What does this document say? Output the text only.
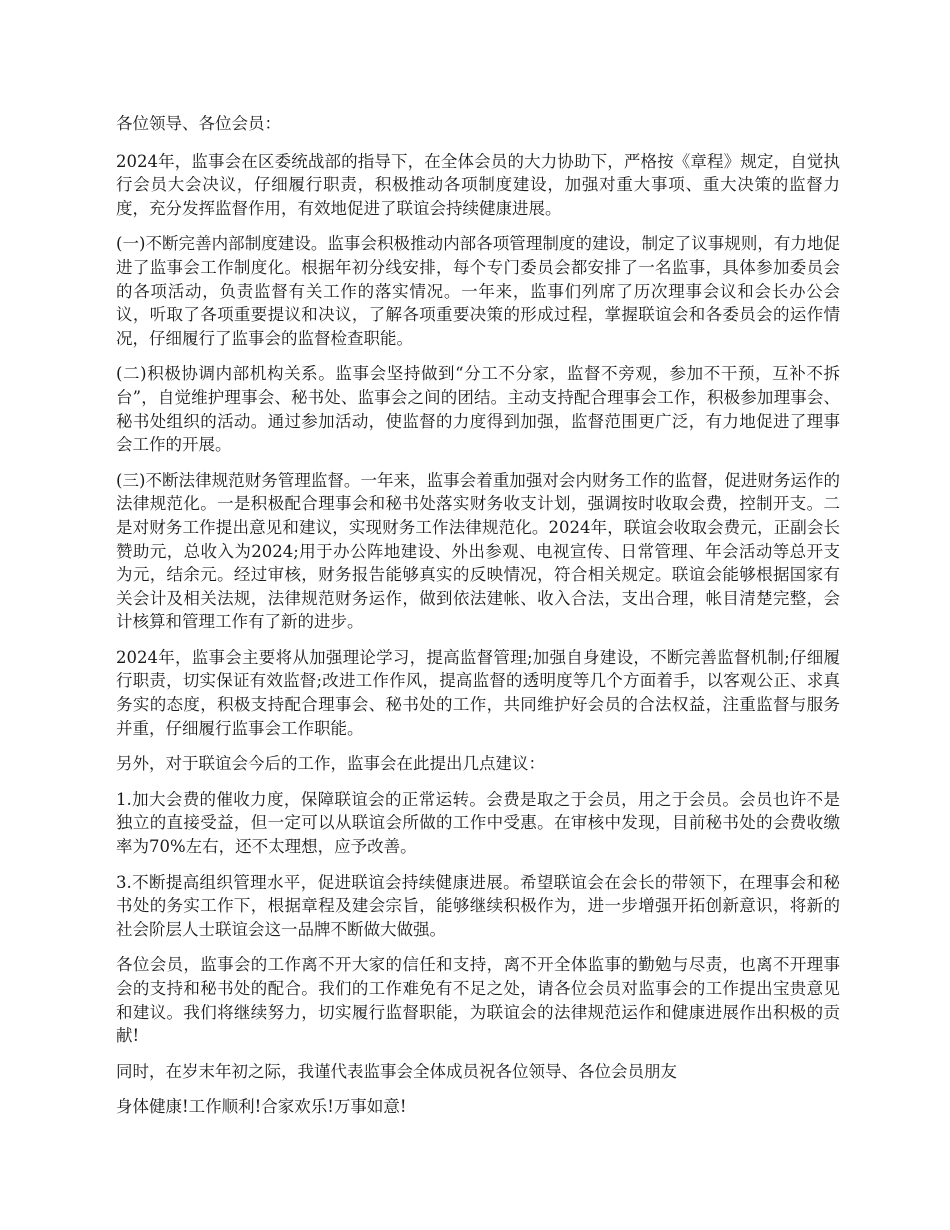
各位领导、各位会员：

2024年，监事会在区委统战部的指导下，在全体会员的大力协助下，严格按《章程》规定，自觉执行会员大会决议，仔细履行职责，积极推动各项制度建设，加强对重大事项、重大决策的监督力度，充分发挥监督作用，有效地促进了联谊会持续健康进展。

(一)不断完善内部制度建设。监事会积极推动内部各项管理制度的建设，制定了议事规则，有力地促进了监事会工作制度化。根据年初分线安排，每个专门委员会都安排了一名监事，具体参加委员会的各项活动，负责监督有关工作的落实情况。一年来，监事们列席了历次理事会议和会长办公会议，听取了各项重要提议和决议，了解各项重要决策的形成过程，掌握联谊会和各委员会的运作情况，仔细履行了监事会的监督检查职能。

(二)积极协调内部机构关系。监事会坚持做到“分工不分家，监督不旁观，参加不干预，互补不拆台”，自觉维护理事会、秘书处、监事会之间的团结。主动支持配合理事会工作，积极参加理事会、秘书处组织的活动。通过参加活动，使监督的力度得到加强，监督范围更广泛，有力地促进了理事会工作的开展。

(三)不断法律规范财务管理监督。一年来，监事会着重加强对会内财务工作的监督，促进财务运作的法律规范化。一是积极配合理事会和秘书处落实财务收支计划，强调按时收取会费，控制开支。二是对财务工作提出意见和建议，实现财务工作法律规范化。2024年，联谊会收取会费元，正副会长赞助元，总收入为2024;用于办公阵地建设、外出参观、电视宣传、日常管理、年会活动等总开支为元，结余元。经过审核，财务报告能够真实的反映情况，符合相关规定。联谊会能够根据国家有关会计及相关法规，法律规范财务运作，做到依法建帐、收入合法，支出合理，帐目清楚完整，会计核算和管理工作有了新的进步。

2024年，监事会主要将从加强理论学习，提高监督管理;加强自身建设，不断完善监督机制;仔细履行职责，切实保证有效监督;改进工作作风，提高监督的透明度等几个方面着手，以客观公正、求真务实的态度，积极支持配合理事会、秘书处的工作，共同维护好会员的合法权益，注重监督与服务并重，仔细履行监事会工作职能。

另外，对于联谊会今后的工作，监事会在此提出几点建议：

1.加大会费的催收力度，保障联谊会的正常运转。会费是取之于会员，用之于会员。会员也许不是独立的直接受益，但一定可以从联谊会所做的工作中受惠。在审核中发现，目前秘书处的会费收缴率为70%左右，还不太理想，应予改善。

3.不断提高组织管理水平，促进联谊会持续健康进展。希望联谊会在会长的带领下，在理事会和秘书处的务实工作下，根据章程及建会宗旨，能够继续积极作为，进一步增强开拓创新意识，将新的社会阶层人士联谊会这一品牌不断做大做强。

各位会员，监事会的工作离不开大家的信任和支持，离不开全体监事的勤勉与尽责，也离不开理事会的支持和秘书处的配合。我们的工作难免有不足之处，请各位会员对监事会的工作提出宝贵意见和建议。我们将继续努力，切实履行监督职能，为联谊会的法律规范运作和健康进展作出积极的贡献!

同时，在岁末年初之际，我谨代表监事会全体成员祝各位领导、各位会员朋友

身体健康!工作顺利!合家欢乐!万事如意!
